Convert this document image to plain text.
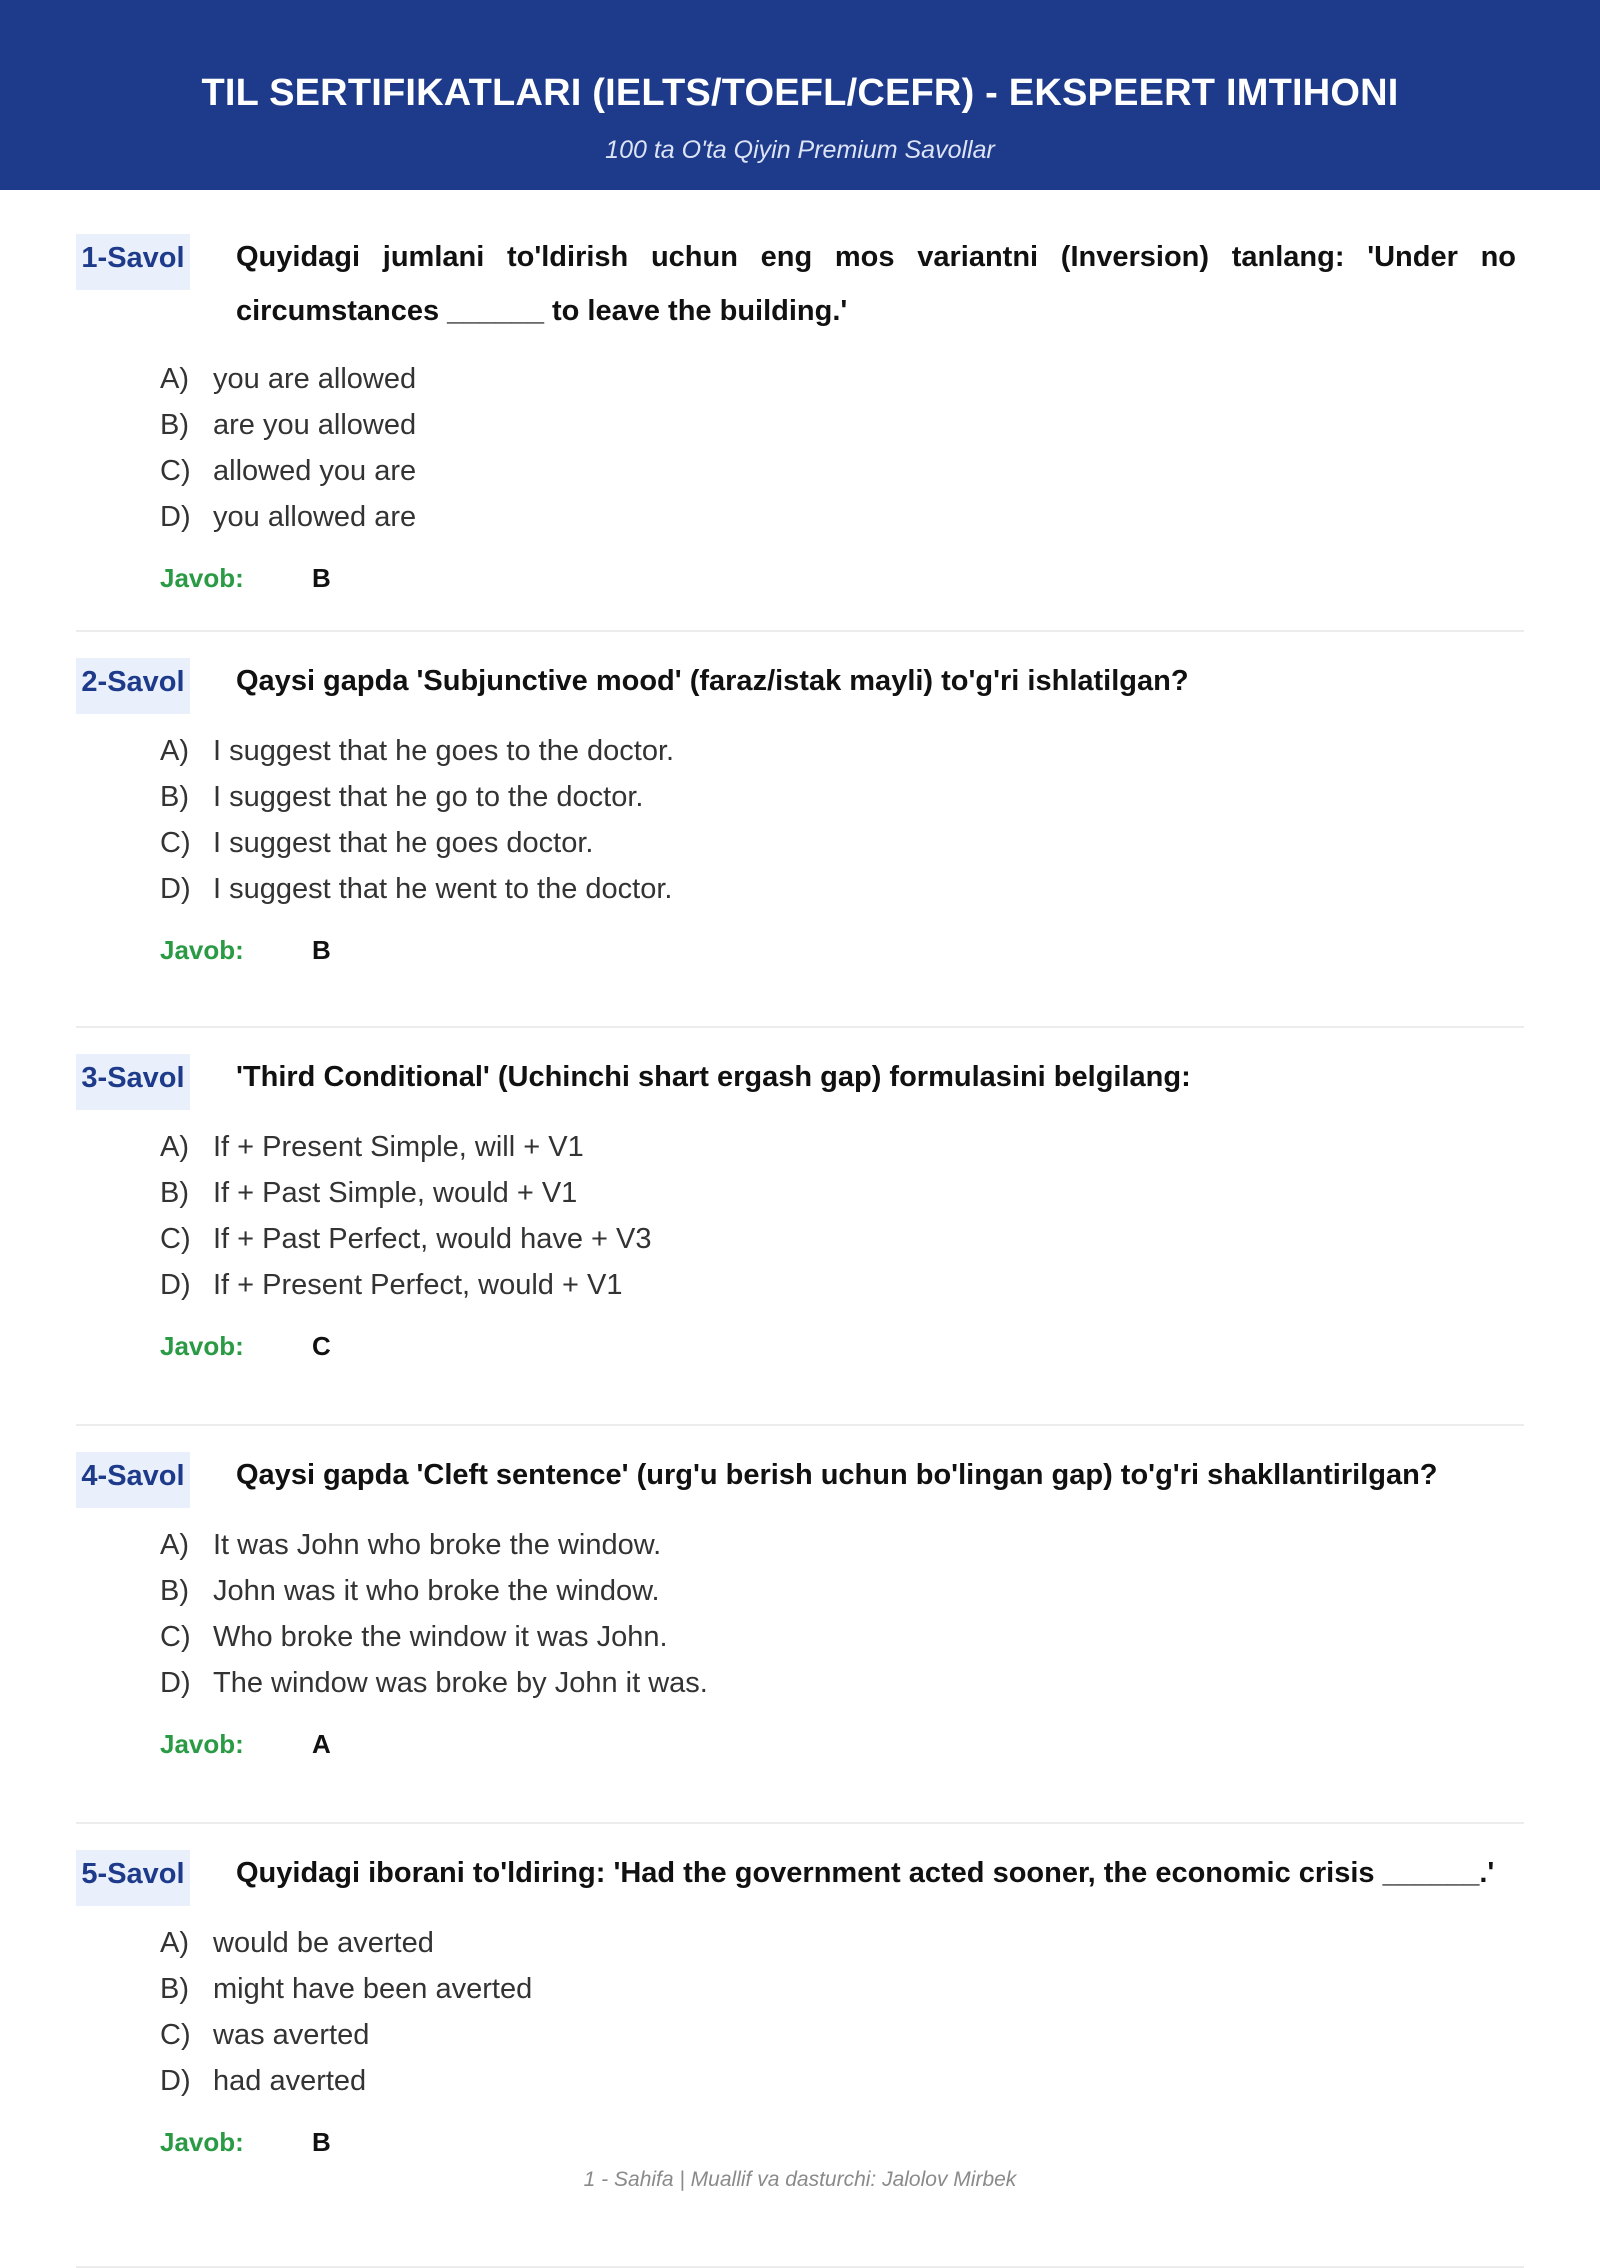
TIL SERTIFIKATLARI (IELTS/TOEFL/CEFR) - EKSPEERT IMTIHONI
100 ta O'ta Qiyin Premium Savollar
1-Savol Quyidagi jumlani to'ldirish uchun eng mos variantni (Inversion) tanlang: 'Under no circumstances ______ to leave the building.'
A) you are allowed
B) are you allowed
C) allowed you are
D) you allowed are
Javob:	B
2-Savol Qaysi gapda 'Subjunctive mood' (faraz/istak mayli) to'g'ri ishlatilgan?
A) I suggest that he goes to the doctor.
B) I suggest that he go to the doctor.
C) I suggest that he goes doctor.
D) I suggest that he went to the doctor.
Javob:	B
3-Savol 'Third Conditional' (Uchinchi shart ergash gap) formulasini belgilang:
A) If + Present Simple, will + V1
B) If + Past Simple, would + V1
C) If + Past Perfect, would have + V3
D) If + Present Perfect, would + V1
Javob:	C
4-Savol Qaysi gapda 'Cleft sentence' (urg'u berish uchun bo'lingan gap) to'g'ri shakllantirilgan?
A) It was John who broke the window.
B) John was it who broke the window.
C) Who broke the window it was John.
D) The window was broke by John it was.
Javob:	A
5-Savol Quyidagi iborani to'ldiring: 'Had the government acted sooner, the economic crisis ______.'
A) would be averted
B) might have been averted
C) was averted
D) had averted
Javob:	B
1 - Sahifa | Muallif va dasturchi: Jalolov Mirbek
